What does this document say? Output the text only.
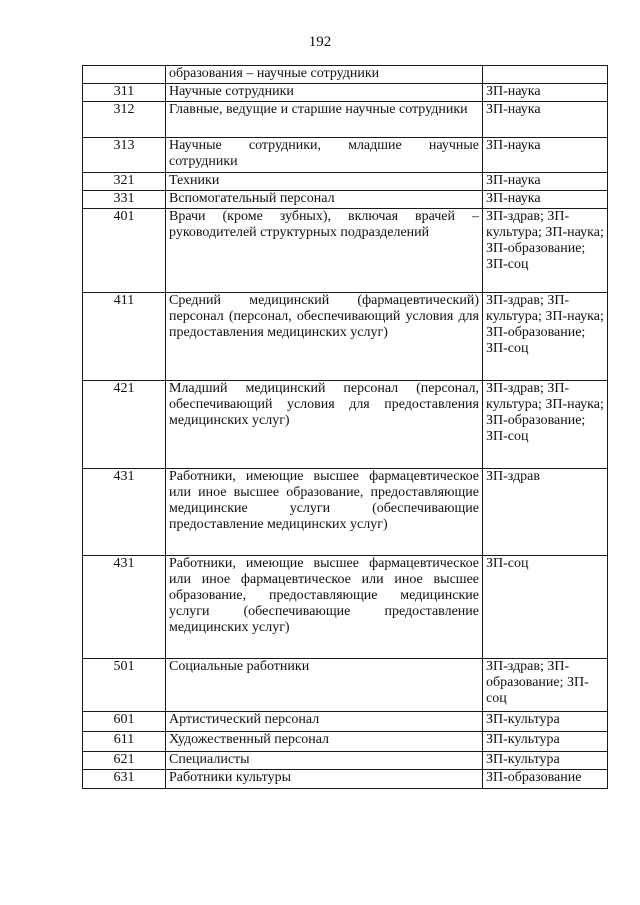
192
	образования – научные сотрудники	
311	Научные сотрудники	ЗП-наука
312	Главные, ведущие и старшие научные сотрудники	ЗП-наука
313	Научные сотрудники, младшие научные сотрудники	ЗП-наука
321	Техники	ЗП-наука
331	Вспомогательный персонал	ЗП-наука
401	Врачи (кроме зубных), включая врачей – руководителей структурных подразделений	ЗП-здрав; ЗП-культура; ЗП-наука; ЗП-образование; ЗП-соц
411	Средний медицинский (фармацевтический) персонал (персонал, обеспечивающий условия для предоставления медицинских услуг)	ЗП-здрав; ЗП-культура; ЗП-наука; ЗП-образование; ЗП-соц
421	Младший медицинский персонал (персонал, обеспечивающий условия для предоставления медицинских услуг)	ЗП-здрав; ЗП-культура; ЗП-наука; ЗП-образование; ЗП-соц
431	Работники, имеющие высшее фармацевтическое или иное высшее образование, предоставляющие медицинские услуги (обеспечивающие предоставление медицинских услуг)	ЗП-здрав
431	Работники, имеющие высшее фармацевтическое или иное фармацевтическое или иное высшее образование, предоставляющие медицинские услуги (обеспечивающие предоставление медицинских услуг)	ЗП-соц
501	Социальные работники	ЗП-здрав; ЗП-образование; ЗП-соц
601	Артистический персонал	ЗП-культура
611	Художественный персонал	ЗП-культура
621	Специалисты	ЗП-культура
631	Работники культуры	ЗП-образование
